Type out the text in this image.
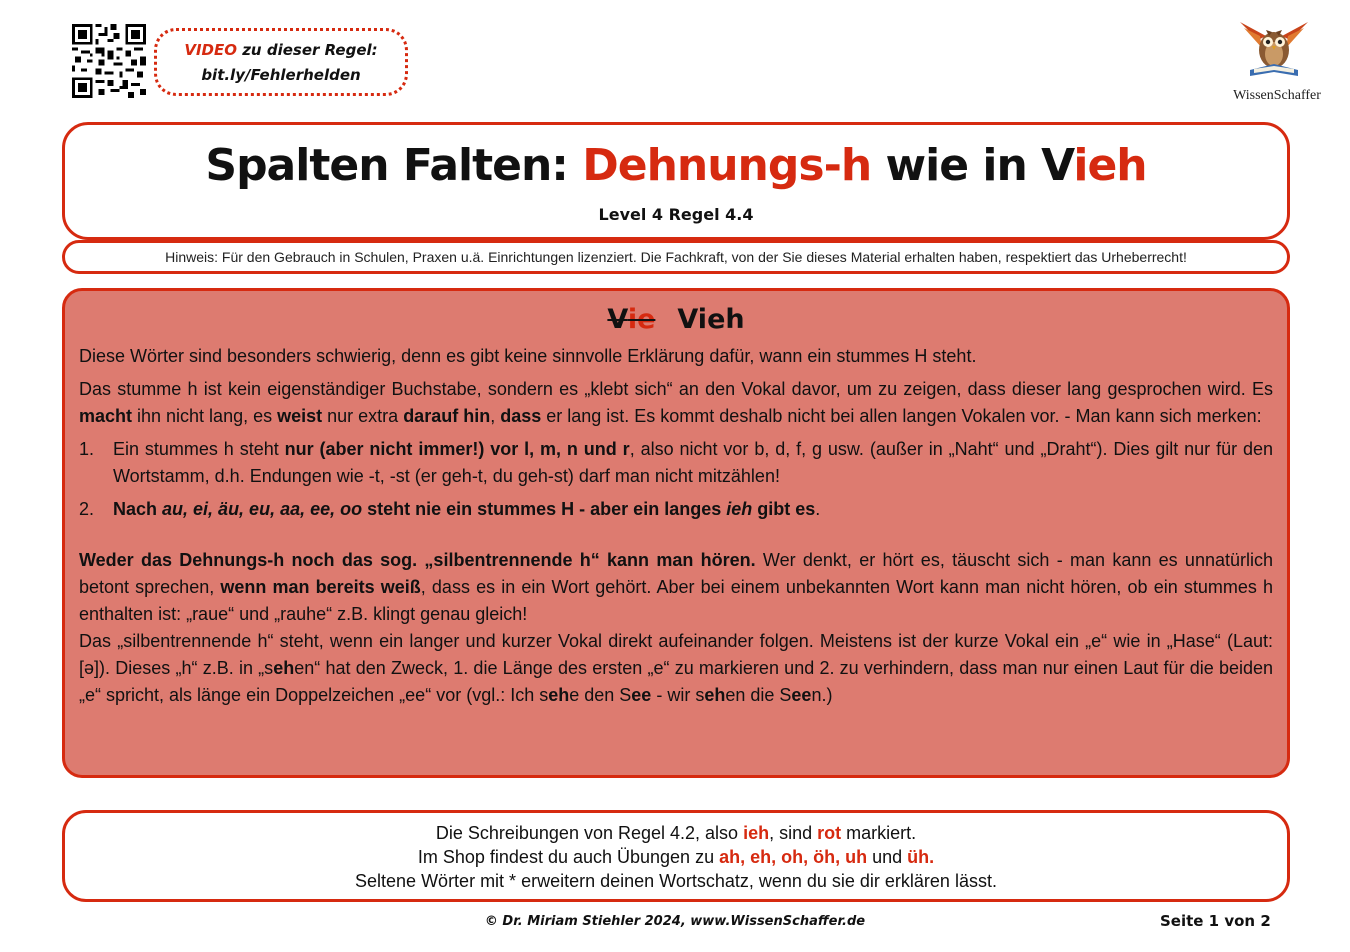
VIDEO zu dieser Regel:
bit.ly/Fehlerhelden
WissenSchaffer
Spalten Falten: Dehnungs-h wie in Vieh
Level 4 Regel 4.4
Hinweis: Für den Gebrauch in Schulen, Praxen u.ä. Einrichtungen lizenziert. Die Fachkraft, von der Sie dieses Material erhalten haben, respektiert das Urheberrecht!
Vie Vieh
Diese Wörter sind besonders schwierig, denn es gibt keine sinnvolle Erklärung dafür, wann ein stummes H steht.
Das stumme h ist kein eigenständiger Buchstabe, sondern es „klebt sich“ an den Vokal davor, um zu zeigen, dass dieser lang gesprochen wird. Es macht ihn nicht lang, es weist nur extra darauf hin, dass er lang ist. Es kommt deshalb nicht bei allen langen Vokalen vor. - Man kann sich merken:
1. Ein stummes h steht nur (aber nicht immer!) vor l, m, n und r, also nicht vor b, d, f, g usw. (außer in „Naht“ und „Draht“). Dies gilt nur für den Wortstamm, d.h. Endungen wie -t, -st (er geh-t, du geh-st) darf man nicht mitzählen!
2. Nach au, ei, äu, eu, aa, ee, oo steht nie ein stummes H - aber ein langes ieh gibt es.
Weder das Dehnungs-h noch das sog. „silbentrennende h“ kann man hören. Wer denkt, er hört es, täuscht sich - man kann es unnatürlich betont sprechen, wenn man bereits weiß, dass es in ein Wort gehört. Aber bei einem unbekannten Wort kann man nicht hören, ob ein stummes h enthalten ist: „raue“ und „rauhe“ z.B. klingt genau gleich!
Das „silbentrennende h“ steht, wenn ein langer und kurzer Vokal direkt aufeinander folgen. Meistens ist der kurze Vokal ein „e“ wie in „Hase“ (Laut: [ə]). Dieses „h“ z.B. in „sehen“ hat den Zweck, 1. die Länge des ersten „e“ zu markieren und 2. zu verhindern, dass man nur einen Laut für die beiden „e“ spricht, als länge ein Doppelzeichen „ee“ vor (vgl.: Ich sehe den See - wir sehen die Seen.)
Die Schreibungen von Regel 4.2, also ieh, sind rot markiert.
Im Shop findest du auch Übungen zu ah, eh, oh, öh, uh und üh.
Seltene Wörter mit * erweitern deinen Wortschatz, wenn du sie dir erklären lässt.
© Dr. Miriam Stiehler 2024, www.WissenSchaffer.de	Seite 1 von 2
